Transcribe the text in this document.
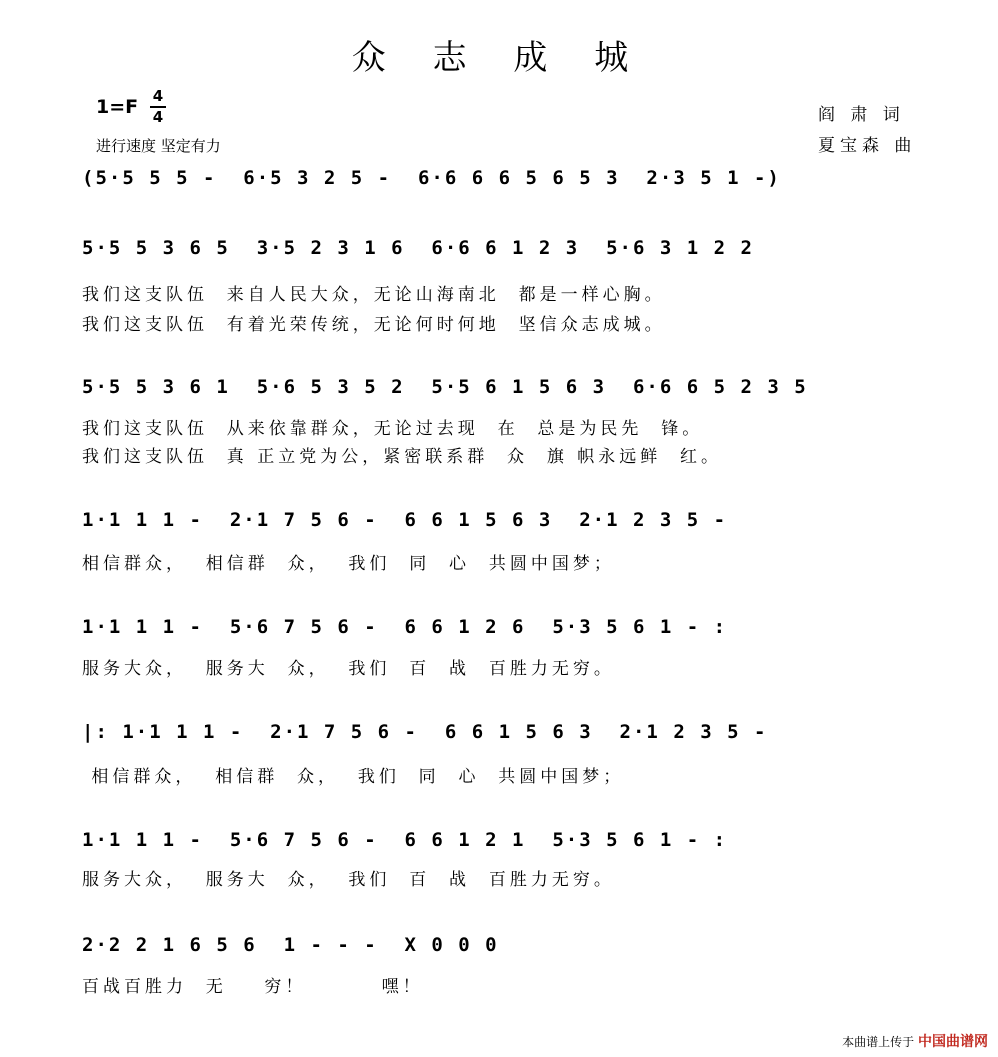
众 志 成 城
1=F 4
4
进行速度 坚定有力
阎 肃 词
夏宝森 曲
(5·5 5 5 -  6·5 3 2 5 -  6·6 6 6 5 6 5 3  2·3 5 1 -)
5·5 5 3 6 5  3·5 2 3 1 6  6·6 6 1 2 3  5·6 3 1 2 2
我们这支队伍  来自人民大众，无论山海南北  都是一样心胸。
我们这支队伍  有着光荣传统，无论何时何地  坚信众志成城。
5·5 5 3 6 1  5·6 5 3 5 2  5·5 6 1 5 6 3  6·6 6 5 2 3 5
我们这支队伍  从来依靠群众，无论过去现  在  总是为民先  锋。
我们这支队伍  真 正立党为公，紧密联系群  众  旗 帜永远鲜  红。
1·1 1 1 -  2·1 7 5 6 -  6 6 1 5 6 3  2·1 2 3 5 -
相信群众，  相信群  众，  我们  同  心  共圆中国梦；
1·1 1 1 -  5·6 7 5 6 -  6 6 1 2 6  5·3 5 6 1 - :
服务大众，  服务大  众，  我们  百  战  百胜力无穷。
|: 1·1 1 1 -  2·1 7 5 6 -  6 6 1 5 6 3  2·1 2 3 5 -
相信群众，  相信群  众，  我们  同  心  共圆中国梦；
1·1 1 1 -  5·6 7 5 6 -  6 6 1 2 1  5·3 5 6 1 - :
服务大众，  服务大  众，  我们  百  战  百胜力无穷。
2·2 2 1 6 5 6  1 - - -  X 0 0 0
百战百胜力  无    穷！        嘿！
本曲谱上传于 中国曲谱网
